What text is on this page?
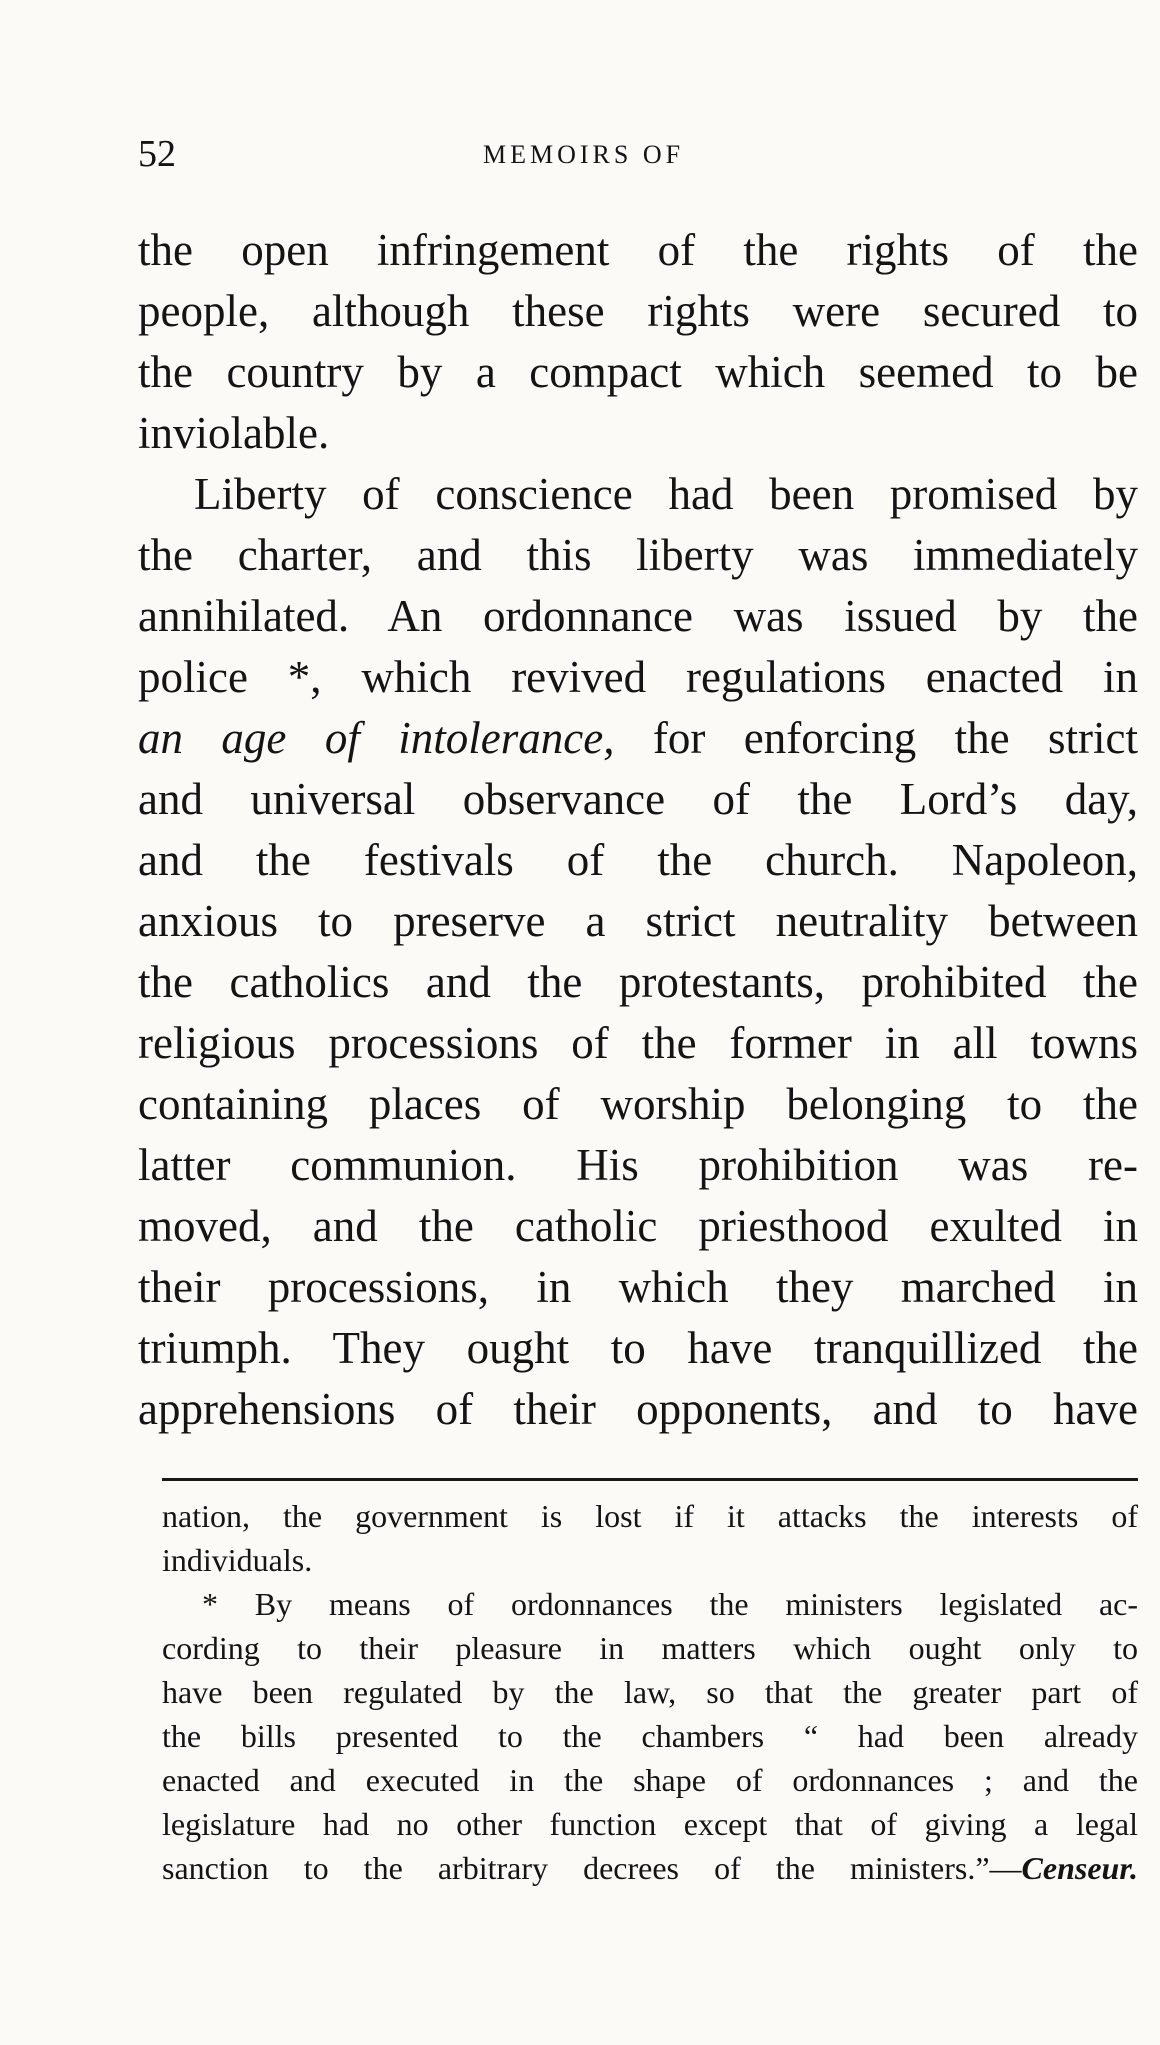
52	MEMOIRS OF

the open infringement of the rights of the
people, although these rights were secured to
the country by a compact which seemed to be
inviolable.

Liberty of conscience had been promised by
the charter, and this liberty was immediately
annihilated. An ordonnance was issued by the
police *, which revived regulations enacted in
an age of intolerance, for enforcing the strict
and universal observance of the Lord’s day,
and the festivals of the church. Napoleon,
anxious to preserve a strict neutrality between
the catholics and the protestants, prohibited the
religious processions of the former in all towns
containing places of worship belonging to the
latter communion. His prohibition was re-
moved, and the catholic priesthood exulted in
their processions, in which they marched in
triumph. They ought to have tranquillized the
apprehensions of their opponents, and to have

nation, the government is lost if it attacks the interests of
individuals.

* By means of ordonnances the ministers legislated ac-
cording to their pleasure in matters which ought only to
have been regulated by the law, so that the greater part of
the bills presented to the chambers “ had been already
enacted and executed in the shape of ordonnances ; and the
legislature had no other function except that of giving a legal
sanction to the arbitrary decrees of the ministers.”—Censeur.
